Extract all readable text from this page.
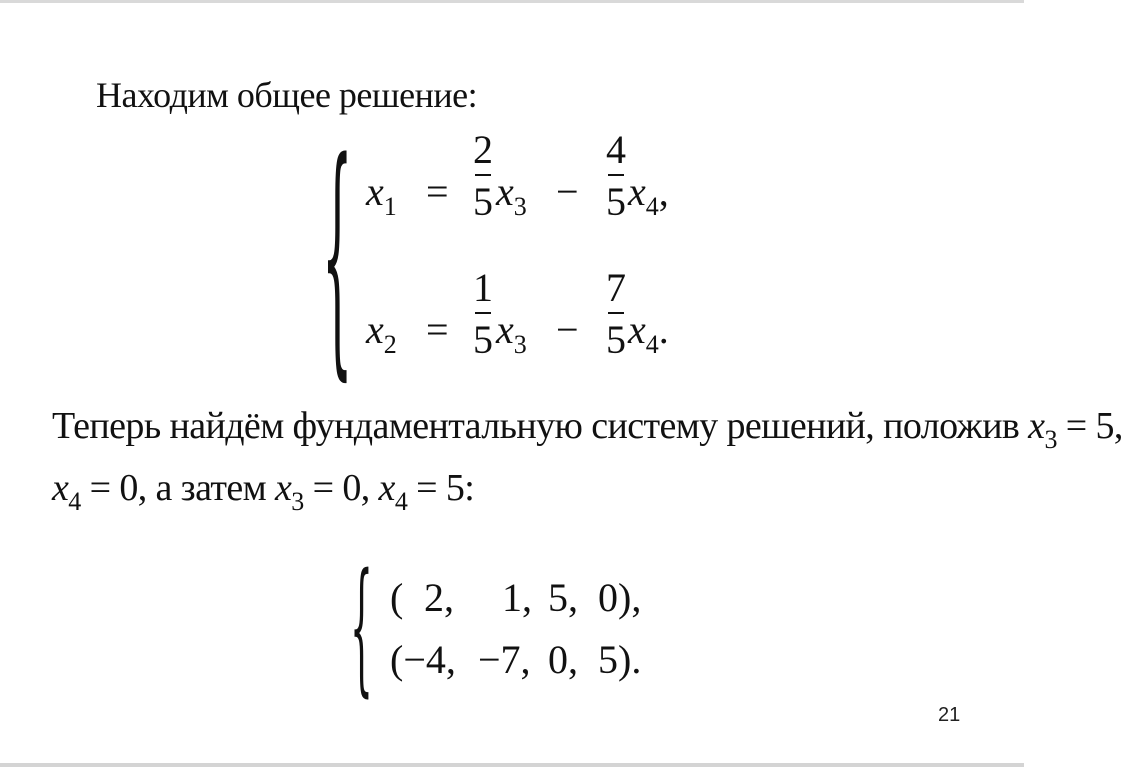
Находим общее решение:
{ $x_1$ =
2
5 $x_3$ −
4
5 $x_4$,
$x_2$ =
1
5 $x_3$ −
7
5 $x_4$.
Теперь найдём фундаментальную систему решений, положив $x_3 = 5$,
$x_4 = 0$, а затем $x_3 = 0$, $x_4 = 5$:
{ ( 2, 1, 5, 0),
(−4, −7, 0, 5).
21
